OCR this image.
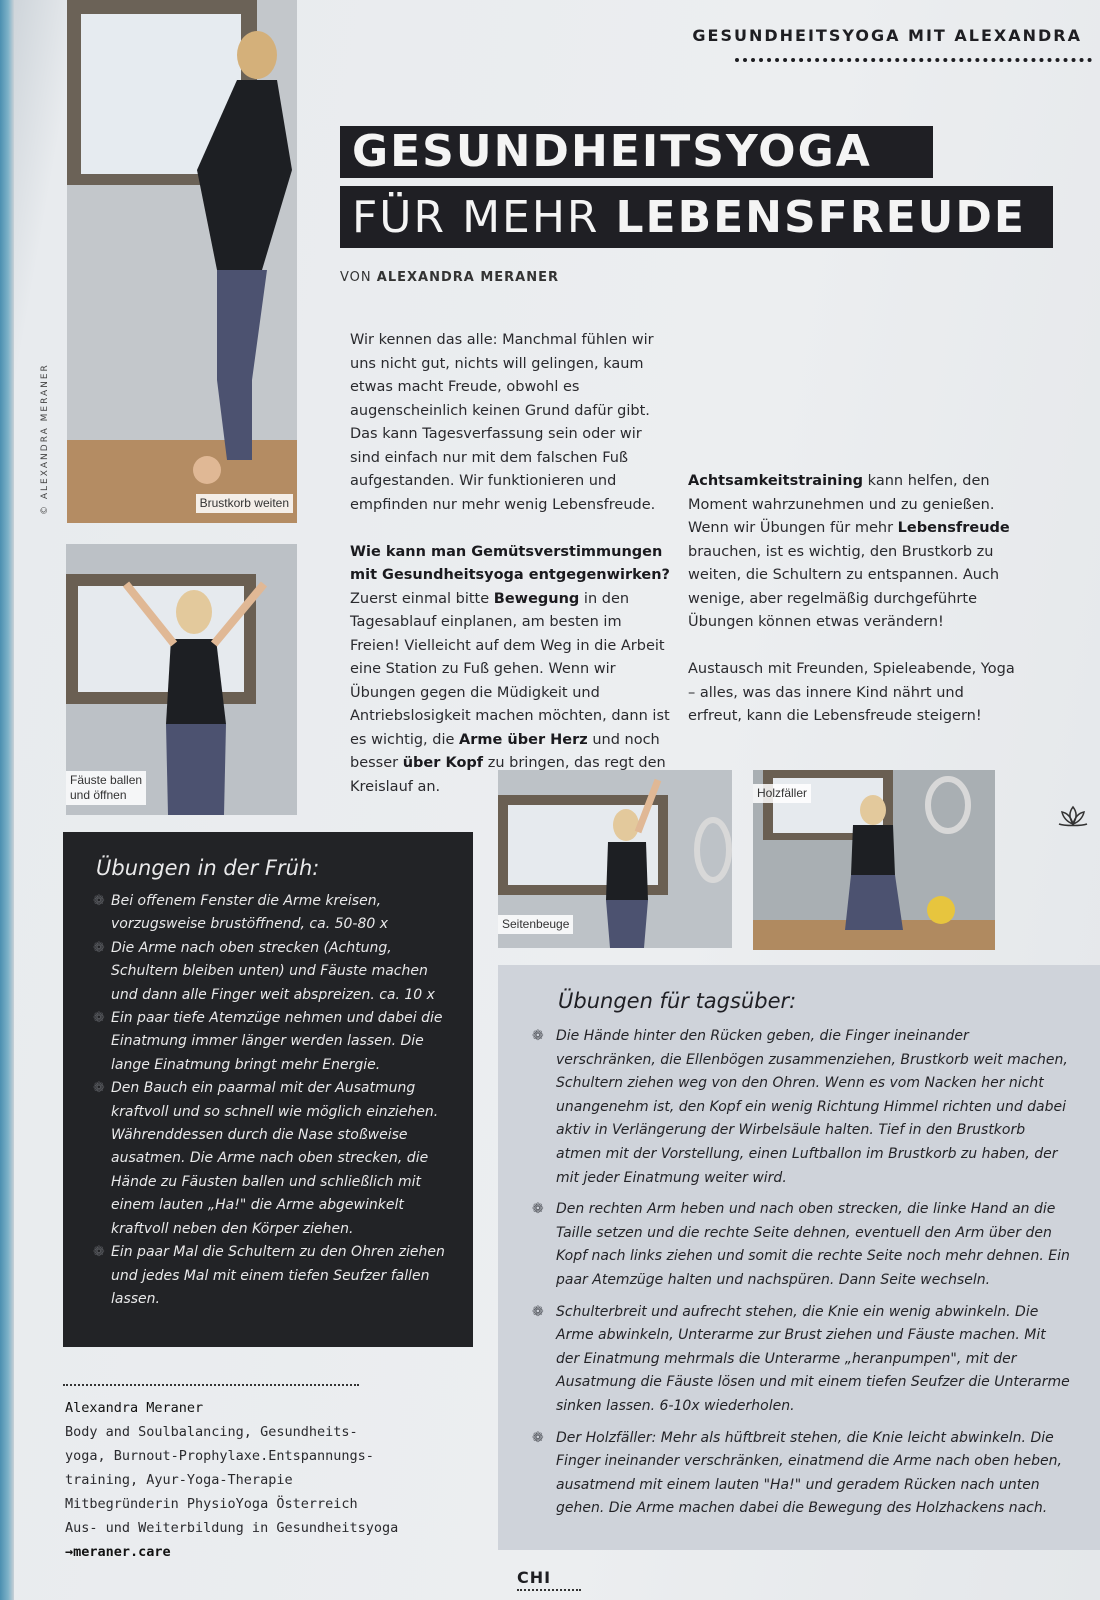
© ALEXANDRA MERANER
GESUNDHEITSYOGA MIT ALEXANDRA
GESUNDHEITSYOGA
FÜR MEHR LEBENSFREUDE
VON ALEXANDRA MERANER
Brustkorb weiten
Fäuste ballen
und öffnen
Seitenbeuge
Holzfäller

Wir kennen das alle: Manchmal fühlen wir uns nicht gut, nichts will gelingen, kaum etwas macht Freude, obwohl es augenscheinlich keinen Grund dafür gibt. Das kann Tagesverfassung sein oder wir sind einfach nur mit dem falschen Fuß aufgestanden. Wir funktionieren und empfinden nur mehr wenig Lebensfreude.

Wie kann man Gemütsverstimmungen mit Gesundheitsyoga entgegenwirken? Zuerst einmal bitte Bewegung in den Tagesablauf einplanen, am besten im Freien! Vielleicht auf dem Weg in die Arbeit eine Station zu Fuß gehen. Wenn wir Übungen gegen die Müdigkeit und Antriebslosigkeit machen möchten, dann ist es wichtig, die Arme über Herz und noch besser über Kopf zu bringen, das regt den Kreislauf an.

Achtsamkeitstraining kann helfen, den Moment wahrzunehmen und zu genießen. Wenn wir Übungen für mehr Lebensfreude brauchen, ist es wichtig, den Brustkorb zu weiten, die Schultern zu entspannen. Auch wenige, aber regelmäßig durchgeführte Übungen können etwas verändern!

Austausch mit Freunden, Spieleabende, Yoga – alles, was das innere Kind nährt und erfreut, kann die Lebensfreude steigern!

Übungen in der Früh:
❁ Bei offenem Fenster die Arme kreisen, vorzugsweise brustöffnend, ca. 50-80 x
❁ Die Arme nach oben strecken (Achtung, Schultern bleiben unten) und Fäuste machen und dann alle Finger weit abspreizen. ca. 10 x
❁ Ein paar tiefe Atemzüge nehmen und dabei die Einatmung immer länger werden lassen. Die lange Einatmung bringt mehr Energie.
❁ Den Bauch ein paarmal mit der Ausatmung kraftvoll und so schnell wie möglich einziehen. Währenddessen durch die Nase stoßweise ausatmen. Die Arme nach oben strecken, die Hände zu Fäusten ballen und schließlich mit einem lauten „Ha!" die Arme abgewinkelt kraftvoll neben den Körper ziehen.
❁ Ein paar Mal die Schultern zu den Ohren ziehen und jedes Mal mit einem tiefen Seufzer fallen lassen.
Übungen für tagsüber:
❁ Die Hände hinter den Rücken geben, die Finger ineinander verschränken, die Ellenbögen zusammenziehen, Brustkorb weit machen, Schultern ziehen weg von den Ohren. Wenn es vom Nacken her nicht unangenehm ist, den Kopf ein wenig Richtung Himmel richten und dabei aktiv in Verlängerung der Wirbelsäule halten. Tief in den Brustkorb atmen mit der Vorstellung, einen Luftballon im Brustkorb zu haben, der mit jeder Einatmung weiter wird.
❁ Den rechten Arm heben und nach oben strecken, die linke Hand an die Taille setzen und die rechte Seite dehnen, eventuell den Arm über den Kopf nach links ziehen und somit die rechte Seite noch mehr dehnen. Ein paar Atemzüge halten und nachspüren. Dann Seite wechseln.
❁ Schulterbreit und aufrecht stehen, die Knie ein wenig abwinkeln. Die Arme abwinkeln, Unterarme zur Brust ziehen und Fäuste machen. Mit der Einatmung mehrmals die Unterarme „heranpumpen", mit der Ausatmung die Fäuste lösen und mit einem tiefen Seufzer die Unterarme sinken lassen. 6-10x wiederholen.
❁ Der Holzfäller: Mehr als hüftbreit stehen, die Knie leicht abwinkeln. Die Finger ineinander verschränken, einatmend die Arme nach oben heben, ausatmend mit einem lauten "Ha!" und geradem Rücken nach unten gehen. Die Arme machen dabei die Bewegung des Holzhackens nach.
Alexandra Meraner
Body and Soulbalancing, Gesundheits-
yoga, Burnout-Prophylaxe.Entspannungs-
training, Ayur-Yoga-Therapie
Mitbegründerin PhysioYoga Österreich
Aus- und Weiterbildung in Gesundheitsyoga
→meraner.care
CHI
